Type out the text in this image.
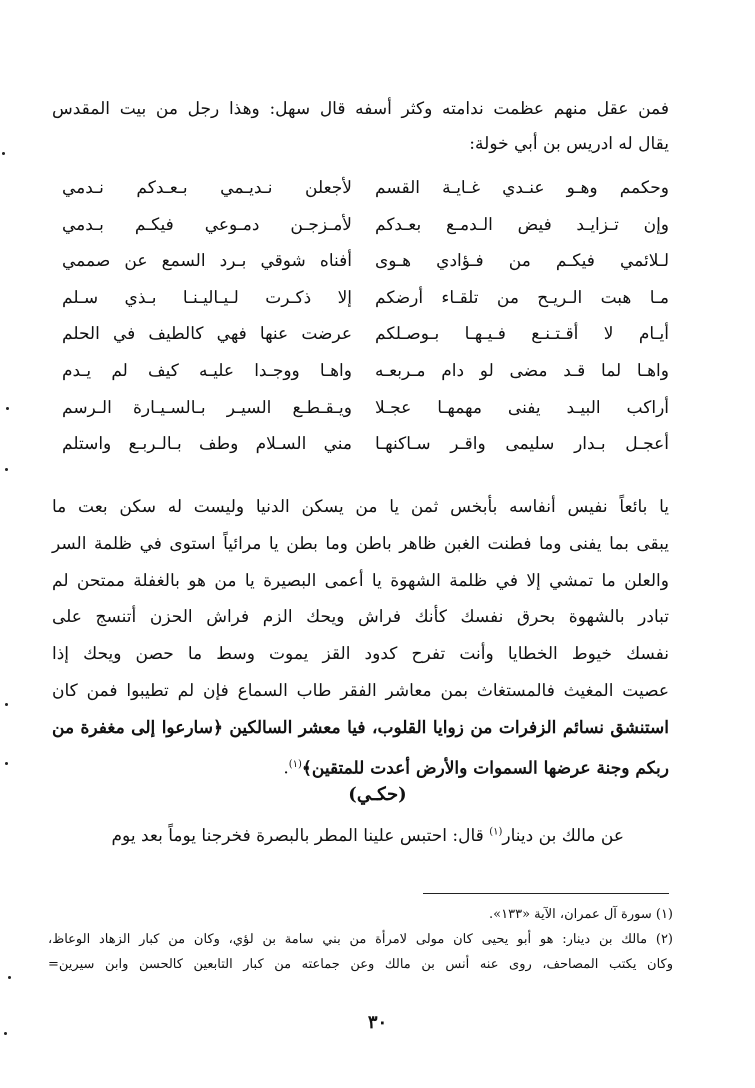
فمن عقل منهم عظمت ندامته وكثر أسفه قال سهل: وهذا رجل من بيت المقدس
يقال له ادريس بن أبي خولة:
وحكمم وهـو عنـدي غـايـة القسم
لأجعلن نـديـمي بـعـدكم نـدمي
وإن تـزايـد فيض الـدمـع بعـدكم
لأمـزجـن دمـوعي فيكـم بـدمي
لـلائمي فيكـم من فـؤادي هـوى
أفناه شوقي بـرد السمع عن صممي
مـا هبت الـريـح من تلقـاء أرضكم
إلا ذكـرت لـيـاليـنـا بـذي سـلم
أيـام لا أقـتـنـع فـيـهـا بـوصـلكم
عرضت عنها فهي كالطيف في الحلم
واهـا لما قـد مضى لو دام مـربعـه
واهـا ووجـدا عليـه كيف لم يـدم
أراكب البيـد يفنى مهمهـا عجـلا
ويـقـطـع السيـر بـالسـيـارة الـرسم
أعجـل بـدار سليمى واقـر سـاكنهـا
مني السـلام وطف بـالـربـع واستلم
يا بائعاً نفيس أنفاسه بأبخس ثمن يا من يسكن الدنيا وليست له سكن بعت ما
يبقى بما يفنى وما فطنت الغبن ظاهر باطن وما بطن يا مرائياً استوى في ظلمة السر
والعلن ما تمشي إلا في ظلمة الشهوة يا أعمى البصيرة يا من هو بالغفلة ممتحن لم
تبادر بالشهوة بحرق نفسك كأنك فراش ويحك الزم فراش الحزن أتنسج على
نفسك خيوط الخطايا وأنت تفرح كدود القز يموت وسط ما حصن ويحك إذا
عصيت المغيث فالمستغاث بمن معاشر الفقر طاب السماع فإن لم تطيبوا فمن كان
استنشق نسائم الزفرات من زوايا القلوب، فيا معشر السالكين ﴿سارعوا إلى مغفرة من
ربكم وجنة عرضها السموات والأرض أعدت للمتقين﴾$^{(١)}$.
(حكـي)
عن مالك بن دينار$^{(١)}$ قال: احتبس علينا المطر بالبصرة فخرجنا يوماً بعد يوم
(١) سورة آل عمران، الآية «١٣٣».
(٢) مالك بن دينار: هو أبو يحيى كان مولى لامرأة من بني سامة بن لؤي، وكان من كبار الزهاد الوعاظ،
وكان يكتب المصاحف، روى عنه أنس بن مالك وعن جماعته من كبار التابعين كالحسن وابن سيرين=
٣٠
